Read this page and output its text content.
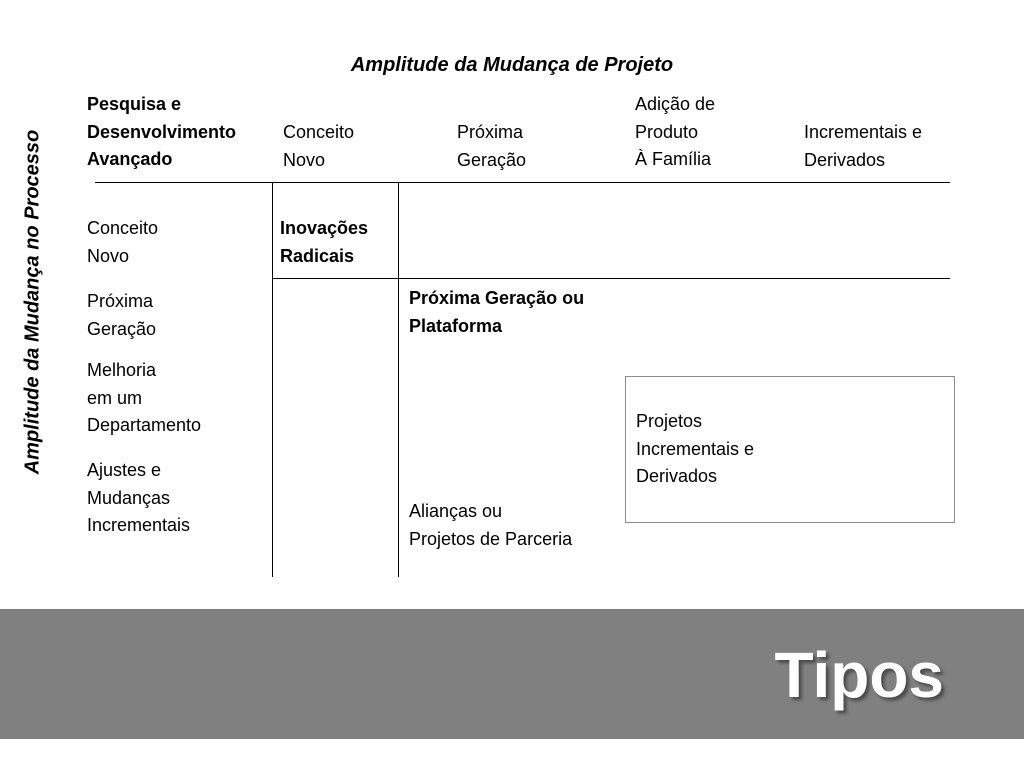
Amplitude da Mudança de Projeto
Amplitude da Mudança no Processo
Pesquisa e
Desenvolvimento
Avançado
Conceito
Novo
Próxima
Geração
Adição de
Produto
À Família
Incrementais e
Derivados
Conceito
Novo
Próxima
Geração
Melhoria
em um
Departamento
Ajustes e
Mudanças
Incrementais
Inovações
Radicais
Próxima Geração ou
Plataforma
Projetos
Incrementais e
Derivados
Alianças ou
Projetos de Parceria
Tipos
